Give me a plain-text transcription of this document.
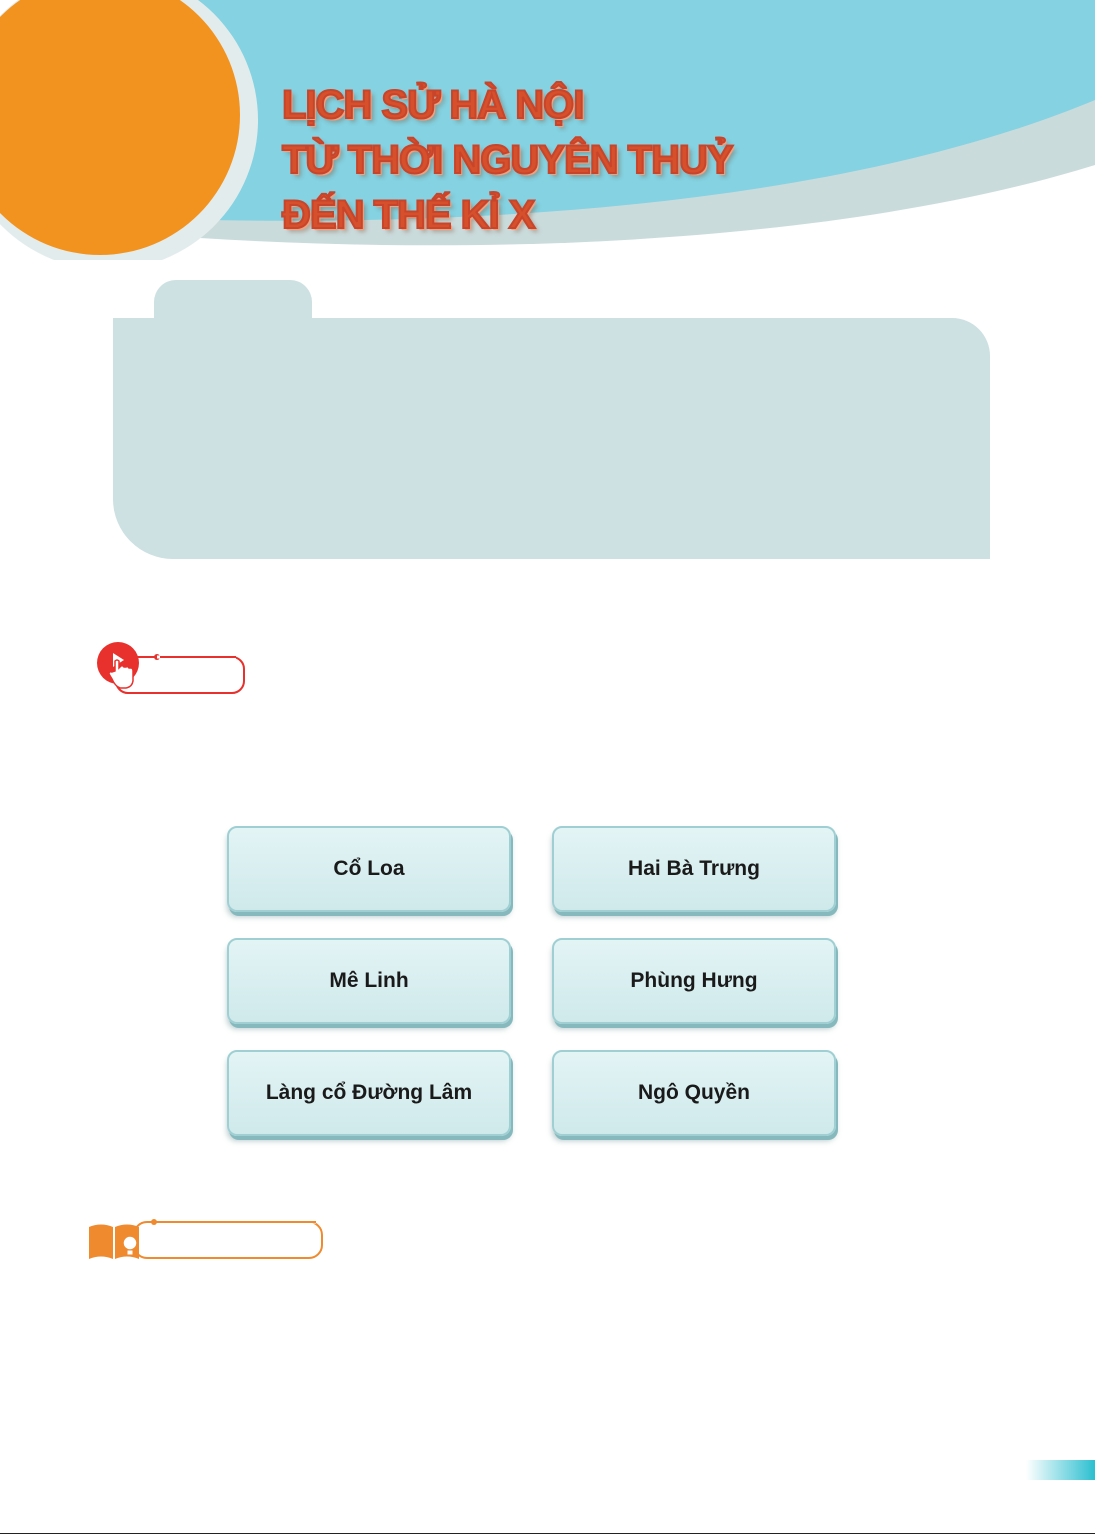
LỊCH SỬ HÀ NỘI
TỪ THỜI NGUYÊN THUỶ
ĐẾN THẾ KỈ X
Cổ Loa	Hai Bà Trưng
Mê Linh	Phùng Hưng
Làng cổ Đường Lâm	Ngô Quyền
